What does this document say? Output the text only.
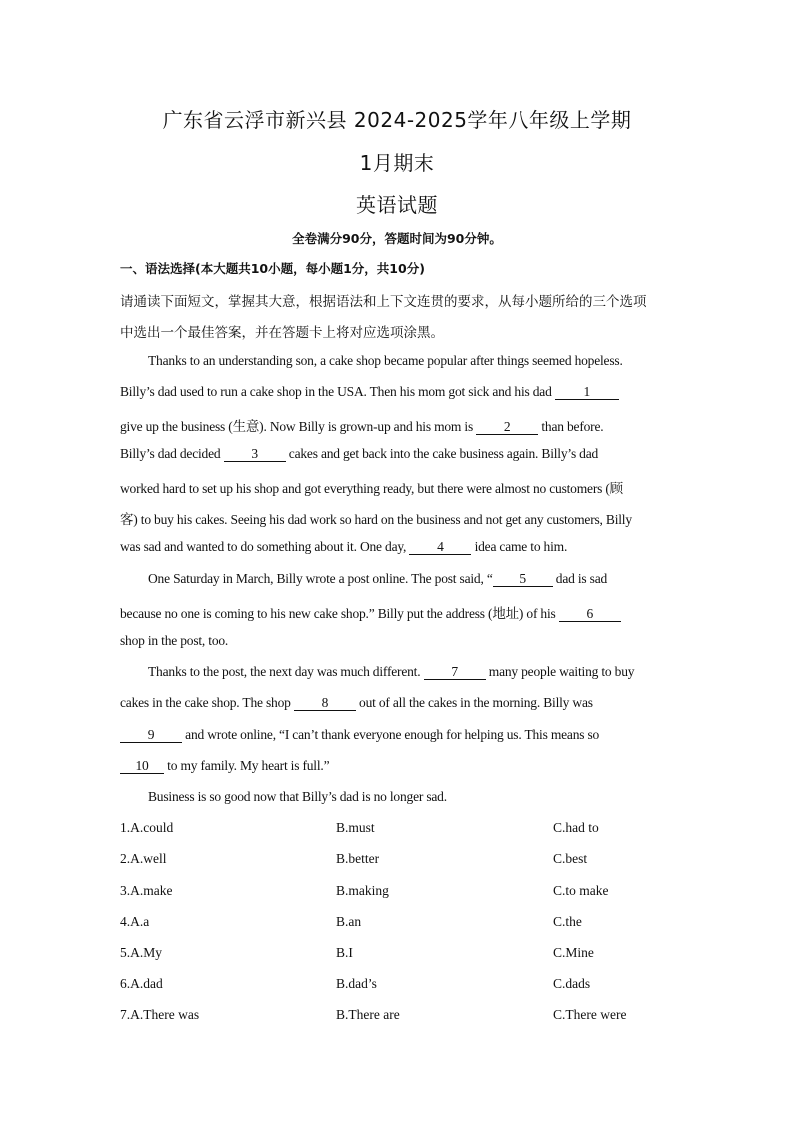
广东省云浮市新兴县 2024-2025学年八年级上学期
1月期末
英语试题
全卷满分90分，答题时间为90分钟。
一、语法选择(本大题共10小题，每小题1分，共10分)
请通读下面短文，掌握其大意，根据语法和上下文连贯的要求，从每小题所给的三个选项
中选出一个最佳答案，并在答题卡上将对应选项涂黑。
Thanks to an understanding son, a cake shop became popular after things seemed hopeless.
Billy’s dad used to run a cake shop in the USA. Then his mom got sick and his dad 1
give up the business (生意). Now Billy is grown-up and his mom is 2 than before.
Billy’s dad decided 3 cakes and get back into the cake business again. Billy’s dad
worked hard to set up his shop and got everything ready, but there were almost no customers (顾
客) to buy his cakes. Seeing his dad work so hard on the business and not get any customers, Billy
was sad and wanted to do something about it. One day, 4 idea came to him.
One Saturday in March, Billy wrote a post online. The post said, “ 5 dad is sad
because no one is coming to his new cake shop.” Billy put the address (地址) of his 6
shop in the post, too.
Thanks to the post, the next day was much different. 7 many people waiting to buy
cakes in the cake shop. The shop 8 out of all the cakes in the morning. Billy was
9 and wrote online, “I can’t thank everyone enough for helping us. This means so
10 to my family. My heart is full.”
Business is so good now that Billy’s dad is no longer sad.
1.A.could	B.must	C.had to
2.A.well	B.better	C.best
3.A.make	B.making	C.to make
4.A.a	B.an	C.the
5.A.My	B.I	C.Mine
6.A.dad	B.dad’s	C.dads
7.A.There was	B.There are	C.There were
